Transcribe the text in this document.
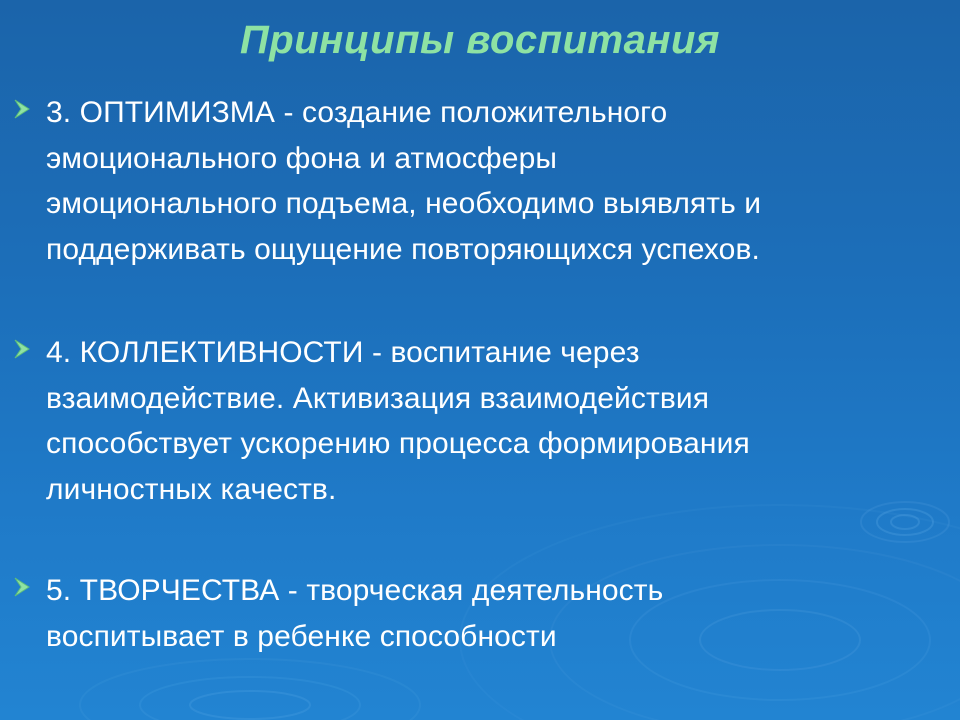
Принципы воспитания
3. ОПТИМИЗМА - создание положительного
эмоционального фона и атмосферы
эмоционального подъема, необходимо выявлять и
поддерживать ощущение повторяющихся успехов.
4. КОЛЛЕКТИВНОСТИ - воспитание через
взаимодействие. Активизация взаимодействия
способствует ускорению процесса формирования
личностных качеств.
5. ТВОРЧЕСТВА - творческая деятельность
воспитывает в ребенке способности
